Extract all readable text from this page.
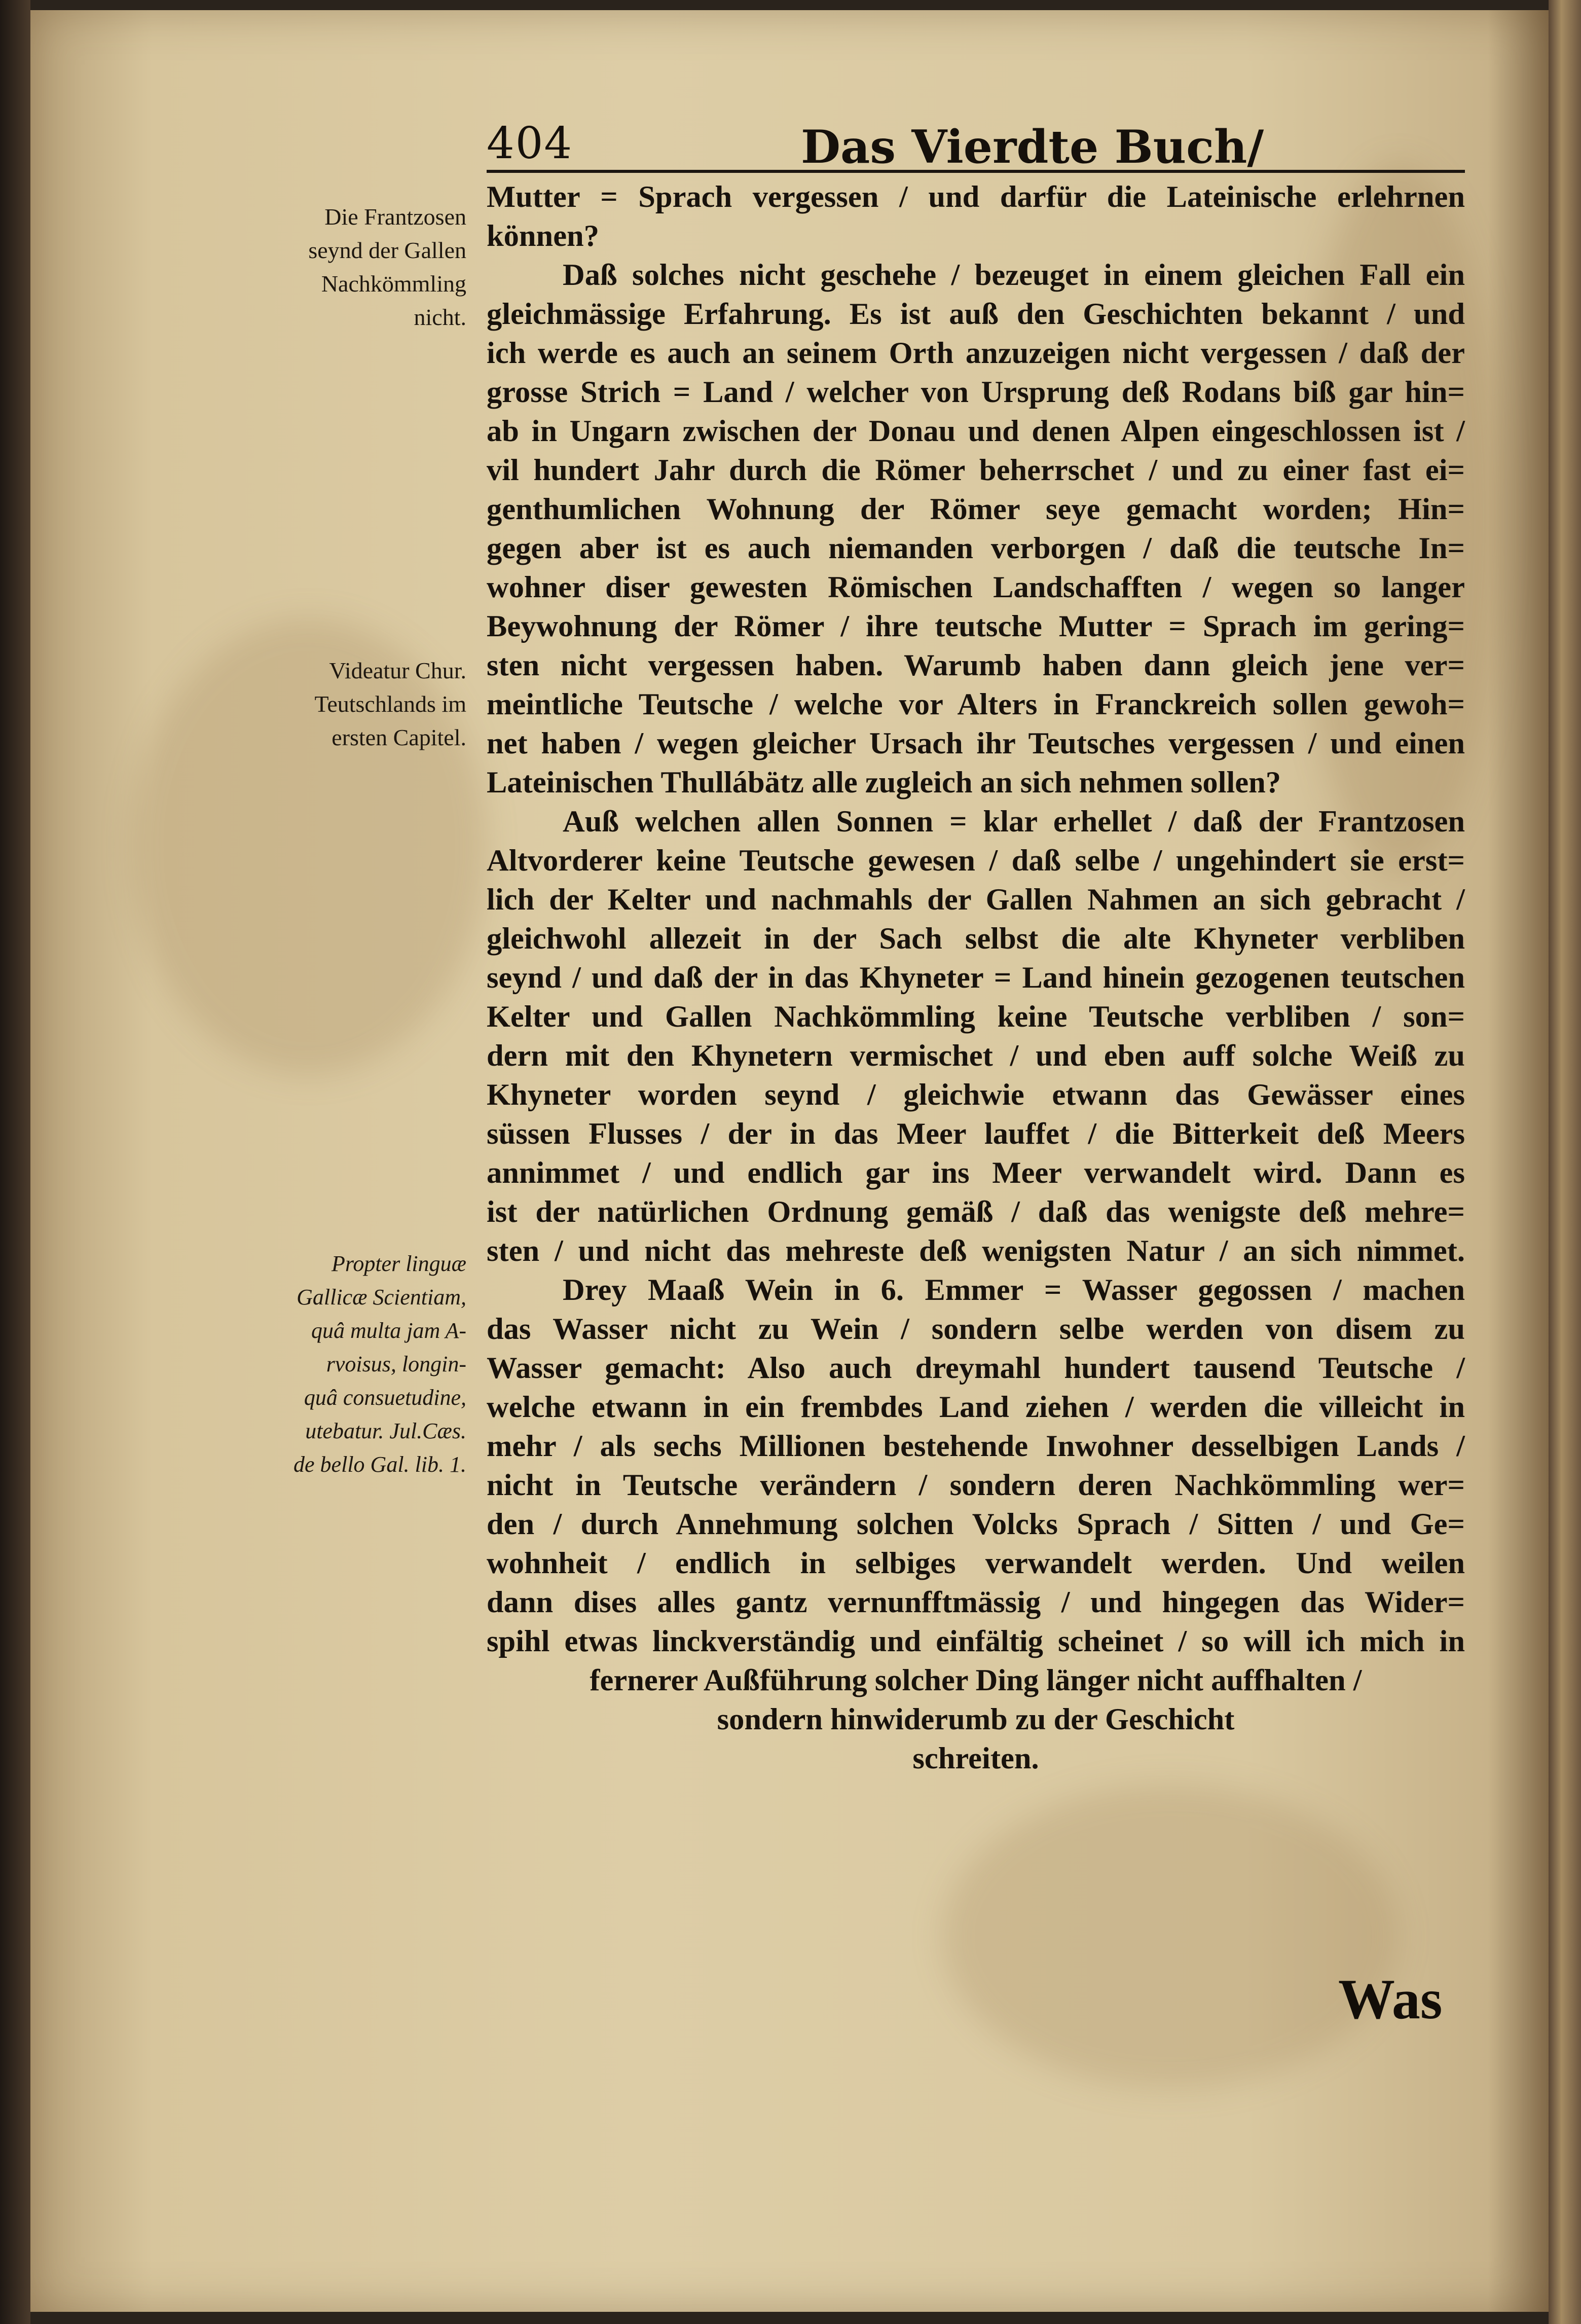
404	Das Vierdte Buch/
Die Frantzosen
seynd der Gallen
Nachkömmling
nicht.
Videatur Chur.
Teutschlands im
ersten Capitel.
Propter linguæ
Gallicæ Scientiam,
quâ multa jam A-
rvoisus, longin-
quâ consuetudine,
utebatur. Jul.Cæs.
de bello Gal. lib. 1.
Mutter = Sprach vergessen / und darfür die Lateinische erlehrnen
können?
Daß solches nicht geschehe / bezeuget in einem gleichen Fall ein
gleichmässige Erfahrung. Es ist auß den Geschichten bekannt / und
ich werde es auch an seinem Orth anzuzeigen nicht vergessen / daß der
grosse Strich = Land / welcher von Ursprung deß Rodans biß gar hin=
ab in Ungarn zwischen der Donau und denen Alpen eingeschlossen ist /
vil hundert Jahr durch die Römer beherrschet / und zu einer fast ei=
genthumlichen Wohnung der Römer seye gemacht worden; Hin=
gegen aber ist es auch niemanden verborgen / daß die teutsche In=
wohner diser gewesten Römischen Landschafften / wegen so langer
Beywohnung der Römer / ihre teutsche Mutter = Sprach im gering=
sten nicht vergessen haben. Warumb haben dann gleich jene ver=
meintliche Teutsche / welche vor Alters in Franckreich sollen gewoh=
net haben / wegen gleicher Ursach ihr Teutsches vergessen / und einen
Lateinischen Thullábätz alle zugleich an sich nehmen sollen?
Auß welchen allen Sonnen = klar erhellet / daß der Frantzosen
Altvorderer keine Teutsche gewesen / daß selbe / ungehindert sie erst=
lich der Kelter und nachmahls der Gallen Nahmen an sich gebracht /
gleichwohl allezeit in der Sach selbst die alte Khyneter verbliben
seynd / und daß der in das Khyneter = Land hinein gezogenen teutschen
Kelter und Gallen Nachkömmling keine Teutsche verbliben / son=
dern mit den Khynetern vermischet / und eben auff solche Weiß zu
Khyneter worden seynd / gleichwie etwann das Gewässer eines
süssen Flusses / der in das Meer lauffet / die Bitterkeit deß Meers
annimmet / und endlich gar ins Meer verwandelt wird. Dann es
ist der natürlichen Ordnung gemäß / daß das wenigste deß mehre=
sten / und nicht das mehreste deß wenigsten Natur / an sich nimmet.
Drey Maaß Wein in 6. Emmer = Wasser gegossen / machen
das Wasser nicht zu Wein / sondern selbe werden von disem zu
Wasser gemacht: Also auch dreymahl hundert tausend Teutsche /
welche etwann in ein frembdes Land ziehen / werden die villeicht in
mehr / als sechs Millionen bestehende Inwohner desselbigen Lands /
nicht in Teutsche verändern / sondern deren Nachkömmling wer=
den / durch Annehmung solchen Volcks Sprach / Sitten / und Ge=
wohnheit / endlich in selbiges verwandelt werden. Und weilen
dann dises alles gantz vernunfftmässig / und hingegen das Wider=
spihl etwas linckverständig und einfältig scheinet / so will ich mich in
fernerer Außführung solcher Ding länger nicht auffhalten /
sondern hinwiderumb zu der Geschicht
schreiten.
Was
